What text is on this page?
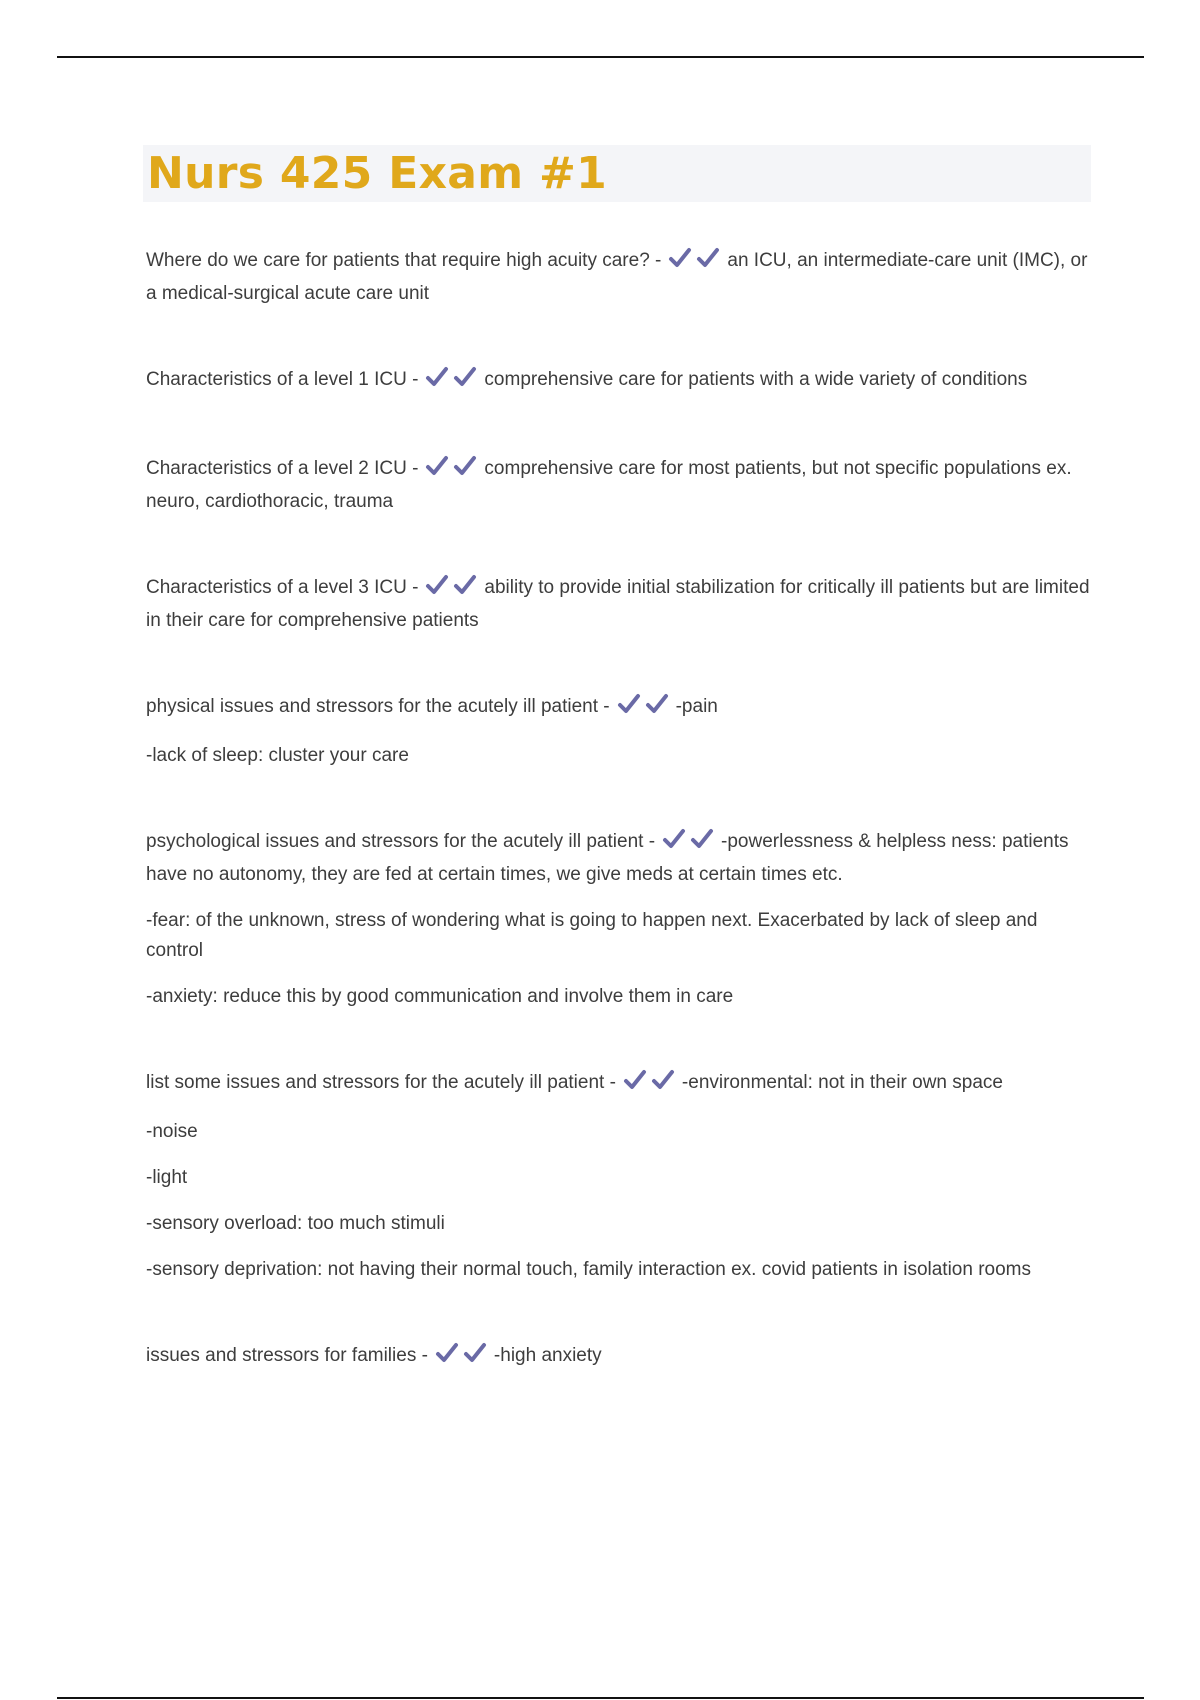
Nurs 425 Exam #1

Where do we care for patients that require high acuity care? -	an ICU, an intermediate-care unit (IMC), or a medical-surgical acute care unit

Characteristics of a level 1 ICU -	comprehensive care for patients with a wide variety of conditions

Characteristics of a level 2 ICU -	comprehensive care for most patients, but not specific populations ex. neuro, cardiothoracic, trauma

Characteristics of a level 3 ICU -	ability to provide initial stabilization for critically ill patients but are limited in their care for comprehensive patients

physical issues and stressors for the acutely ill patient -	-pain

-lack of sleep: cluster your care

psychological issues and stressors for the acutely ill patient -	-powerlessness & helpless ness: patients have no autonomy, they are fed at certain times, we give meds at certain times etc.

-fear: of the unknown, stress of wondering what is going to happen next. Exacerbated by lack of sleep and control

-anxiety: reduce this by good communication and involve them in care

list some issues and stressors for the acutely ill patient -	-environmental: not in their own space

-noise

-light

-sensory overload: too much stimuli

-sensory deprivation: not having their normal touch, family interaction ex. covid patients in isolation rooms

issues and stressors for families -	-high anxiety
